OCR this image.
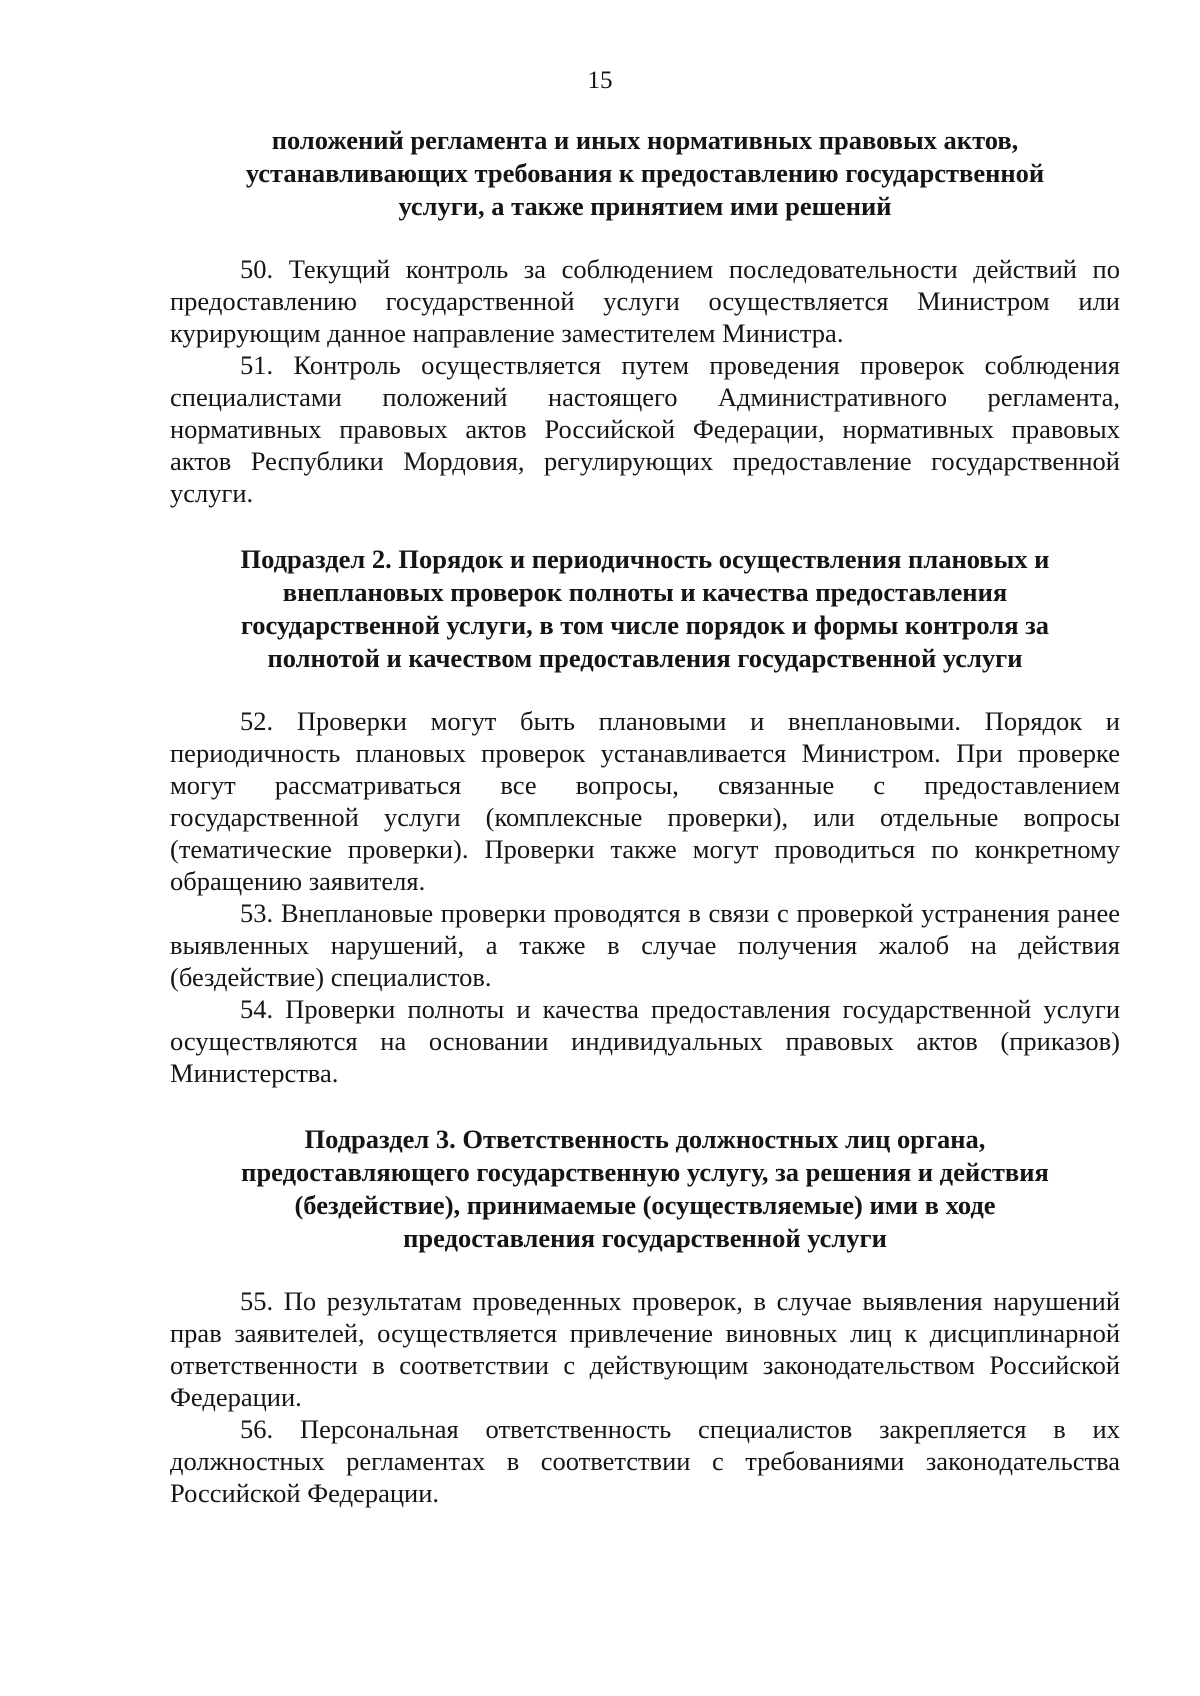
15
положений регламента и иных нормативных правовых актов,
устанавливающих требования к предоставлению государственной
услуги, а также принятием ими решений

50. Текущий контроль за соблюдением последовательности действий по предоставлению государственной услуги осуществляется Министром или курирующим данное направление заместителем Министра.

51. Контроль осуществляется путем проведения проверок соблюдения специалистами положений настоящего Административного регламента, нормативных правовых актов Российской Федерации, нормативных правовых актов Республики Мордовия, регулирующих предоставление государственной услуги.

Подраздел 2. Порядок и периодичность осуществления плановых и
внеплановых проверок полноты и качества предоставления
государственной услуги, в том числе порядок и формы контроля за
полнотой и качеством предоставления государственной услуги

52. Проверки могут быть плановыми и внеплановыми. Порядок и периодичность плановых проверок устанавливается Министром. При проверке могут рассматриваться все вопросы, связанные с предоставлением государственной услуги (комплексные проверки), или отдельные вопросы (тематические проверки). Проверки также могут проводиться по конкретному обращению заявителя.

53. Внеплановые проверки проводятся в связи с проверкой устранения ранее выявленных нарушений, а также в случае получения жалоб на действия (бездействие) специалистов.

54. Проверки полноты и качества предоставления государственной услуги осуществляются на основании индивидуальных правовых актов (приказов) Министерства.

Подраздел 3. Ответственность должностных лиц органа,
предоставляющего государственную услугу, за решения и действия
(бездействие), принимаемые (осуществляемые) ими в ходе
предоставления государственной услуги

55. По результатам проведенных проверок, в случае выявления нарушений прав заявителей, осуществляется привлечение виновных лиц к дисциплинарной ответственности в соответствии с действующим законодательством Российской Федерации.

56. Персональная ответственность специалистов закрепляется в их должностных регламентах в соответствии с требованиями законодательства Российской Федерации.
